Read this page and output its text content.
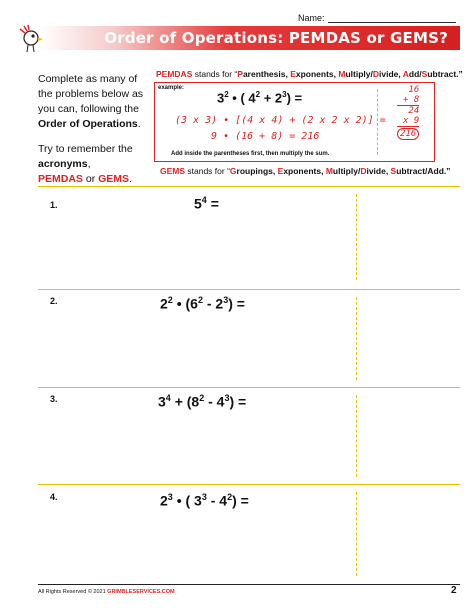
Name:
Order of Operations: PEMDAS or GEMS?

Complete as many of the problems below as you can, following the Order of Operations.

Try to remember the acronyms,
PEMDAS or GEMS.

PEMDAS stands for “Parenthesis, Exponents, Multiply/Divide, Add/Subtract.”
example:
$3^2$ • ( $4^2 + 2^3$) =
(3 x 3) • [(4 x 4) + (2 x 2 x 2)] =
9 • (16 + 8) = 216
16
+ 8
24
x 9
216
Add inside the parentheses first, then multiply the sum.
GEMS stands for “Groupings, Exponents, Multiply/Divide, Subtract/Add.”
1.	$5^4$ =
2.	$2^2$ • $(6^2 - 2^3)$ =
3.	$3^4 + (8^2 - 4^3)$ =
4.	$2^3$ • ( $3^3 - 4^2$) =
All Rights Reserved © 2021 GRIMBLESERVICES.COM	2
